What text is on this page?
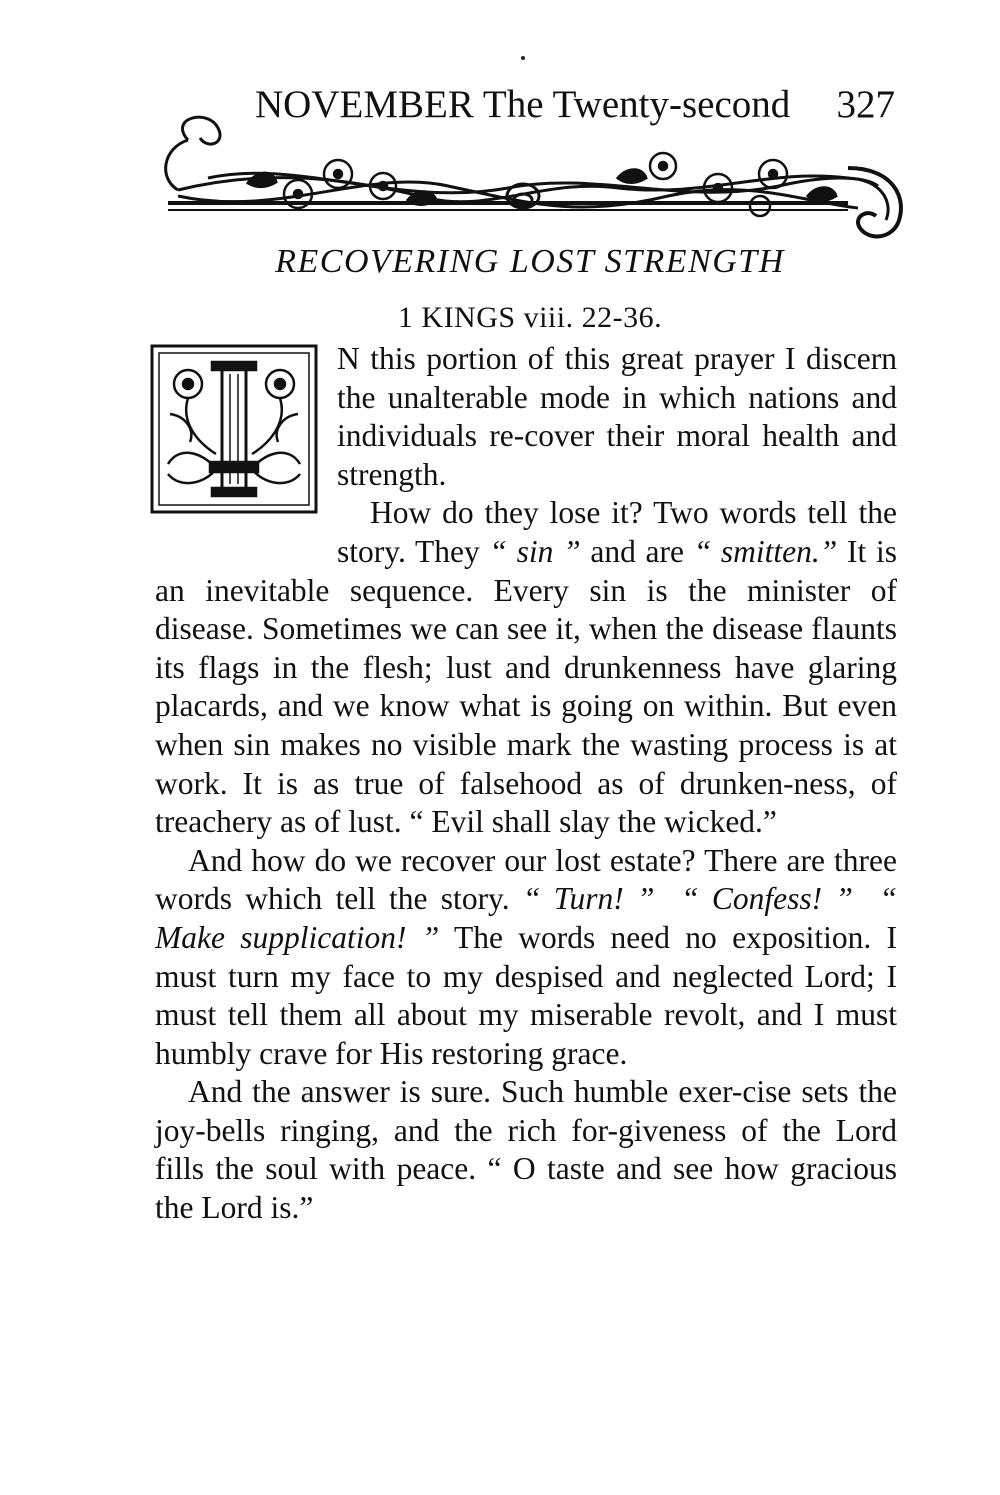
NOVEMBER The Twenty-second 327
RECOVERING LOST STRENGTH
1 KINGS viii. 22-36.

N this portion of this great prayer I discern the unalterable mode in which nations and individuals re-cover their moral health and strength.

How do they lose it? Two words tell the story. They “ sin ” and are “ smitten.” It is an inevitable sequence. Every sin is the minister of disease. Sometimes we can see it, when the disease flaunts its flags in the flesh; lust and drunkenness have glaring placards, and we know what is going on within. But even when sin makes no visible mark the wasting process is at work. It is as true of falsehood as of drunken-ness, of treachery as of lust. “ Evil shall slay the wicked.”

And how do we recover our lost estate? There are three words which tell the story. “ Turn! ”  “ Confess! ”  “ Make supplication! ” The words need no exposition. I must turn my face to my despised and neglected Lord; I must tell them all about my miserable revolt, and I must humbly crave for His restoring grace.

And the answer is sure. Such humble exer-cise sets the joy-bells ringing, and the rich for-giveness of the Lord fills the soul with peace. “ O taste and see how gracious the Lord is.”
